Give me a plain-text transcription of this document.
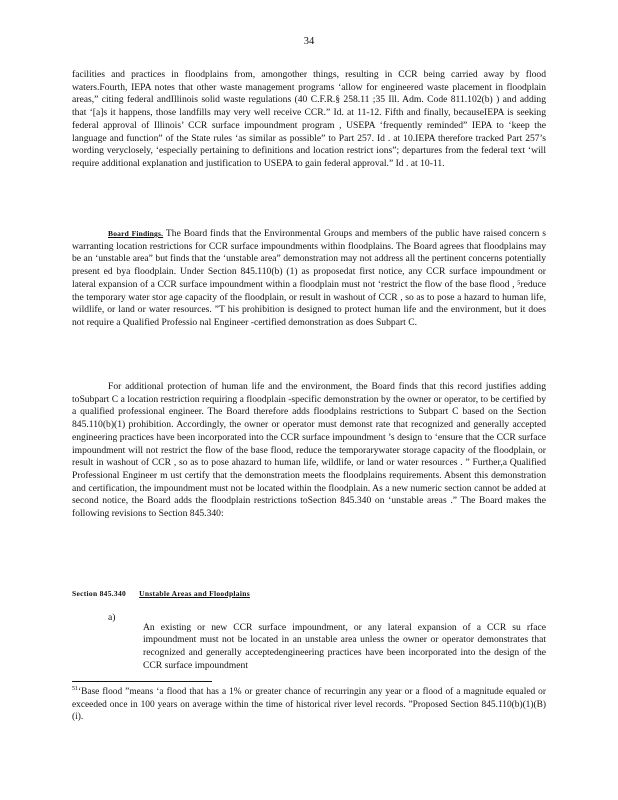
34

facilities and practices in floodplains from, amongother things, resulting in CCR being carried away by flood waters.Fourth, IEPA notes that other waste management programs ‘allow for engineered waste placement in floodplain areas,” citing federal andIllinois solid waste regulations (40 C.F.R.§ 258.11 ;35 Ill. Adm. Code 811.102(b) ) and adding that ‘[a]s it happens, those landfills may very well receive CCR.” Id. at 11-12. Fifth and finally, becauseIEPA is seeking federal approval of Illinois’ CCR surface impoundment program , USEPA ‘frequently reminded” IEPA to ‘keep the language and function” of the State rules ‘as similar as possible” to Part 257. Id . at 10.IEPA therefore tracked Part 257’s wording veryclosely, ‘especially pertaining to definitions and location restrict ions”; departures from the federal text ‘will require additional explanation and justification to USEPA to gain federal approval.” Id . at 10-11.

Board Findings. The Board finds that the Environmental Groups and members of the public have raised concern s warranting location restrictions for CCR surface impoundments within floodplains. The Board agrees that floodplains may be an ‘unstable area” but finds that the ‘unstable area” demonstration may not address all the pertinent concerns potentially present ed bya floodplain. Under Section 845.110(b) (1) as proposedat first notice, any CCR surface impoundment or lateral expansion of a CCR surface impoundment within a floodplain must not ‘restrict the flow of the base flood , ⁵reduce the temporary water stor age capacity of the floodplain, or result in washout of CCR , so as to pose a hazard to human life, wildlife, or land or water resources. ”T his prohibition is designed to protect human life and the environment, but it does not require a Qualified Professio nal Engineer -certified demonstration as does Subpart C.

For additional protection of human life and the environment, the Board finds that this record justifies adding toSubpart C a location restriction requiring a floodplain -specific demonstration by the owner or operator, to be certified by a qualified professional engineer. The Board therefore adds floodplains restrictions to Subpart C based on the Section 845.110(b)(1) prohibition. Accordingly, the owner or operator must demonst rate that recognized and generally accepted engineering practices have been incorporated into the CCR surface impoundment ’s design to ‘ensure that the CCR surface impoundment will not restrict the flow of the base flood, reduce the temporarywater storage capacity of the floodplain, or result in washout of CCR , so as to pose ahazard to human life, wildlife, or land or water resources . ” Further,a Qualified Professional Engineer m ust certify that the demonstration meets the floodplains requirements. Absent this demonstration and certification, the impoundment must not be located within the floodplain. As a new numeric section cannot be added at second notice, the Board adds the floodplain restrictions toSection 845.340 on ‘unstable areas .” The Board makes the following revisions to Section 845.340:

Section 845.340 Unstable Areas and Floodplains
a)

An existing or new CCR surface impoundment, or any lateral expansion of a CCR su rface impoundment must not be located in an unstable area unless the owner or operator demonstrates that recognized and generally acceptedengineering practices have been incorporated into the design of the CCR surface impoundment

$^{51}$‘Base flood ”means ‘a flood that has a 1% or greater chance of recurringin any year or a flood of a magnitude equaled or exceeded once in 100 years on average within the time of historical river level records. ”Proposed Section 845.110(b)(1)(B)(i).
